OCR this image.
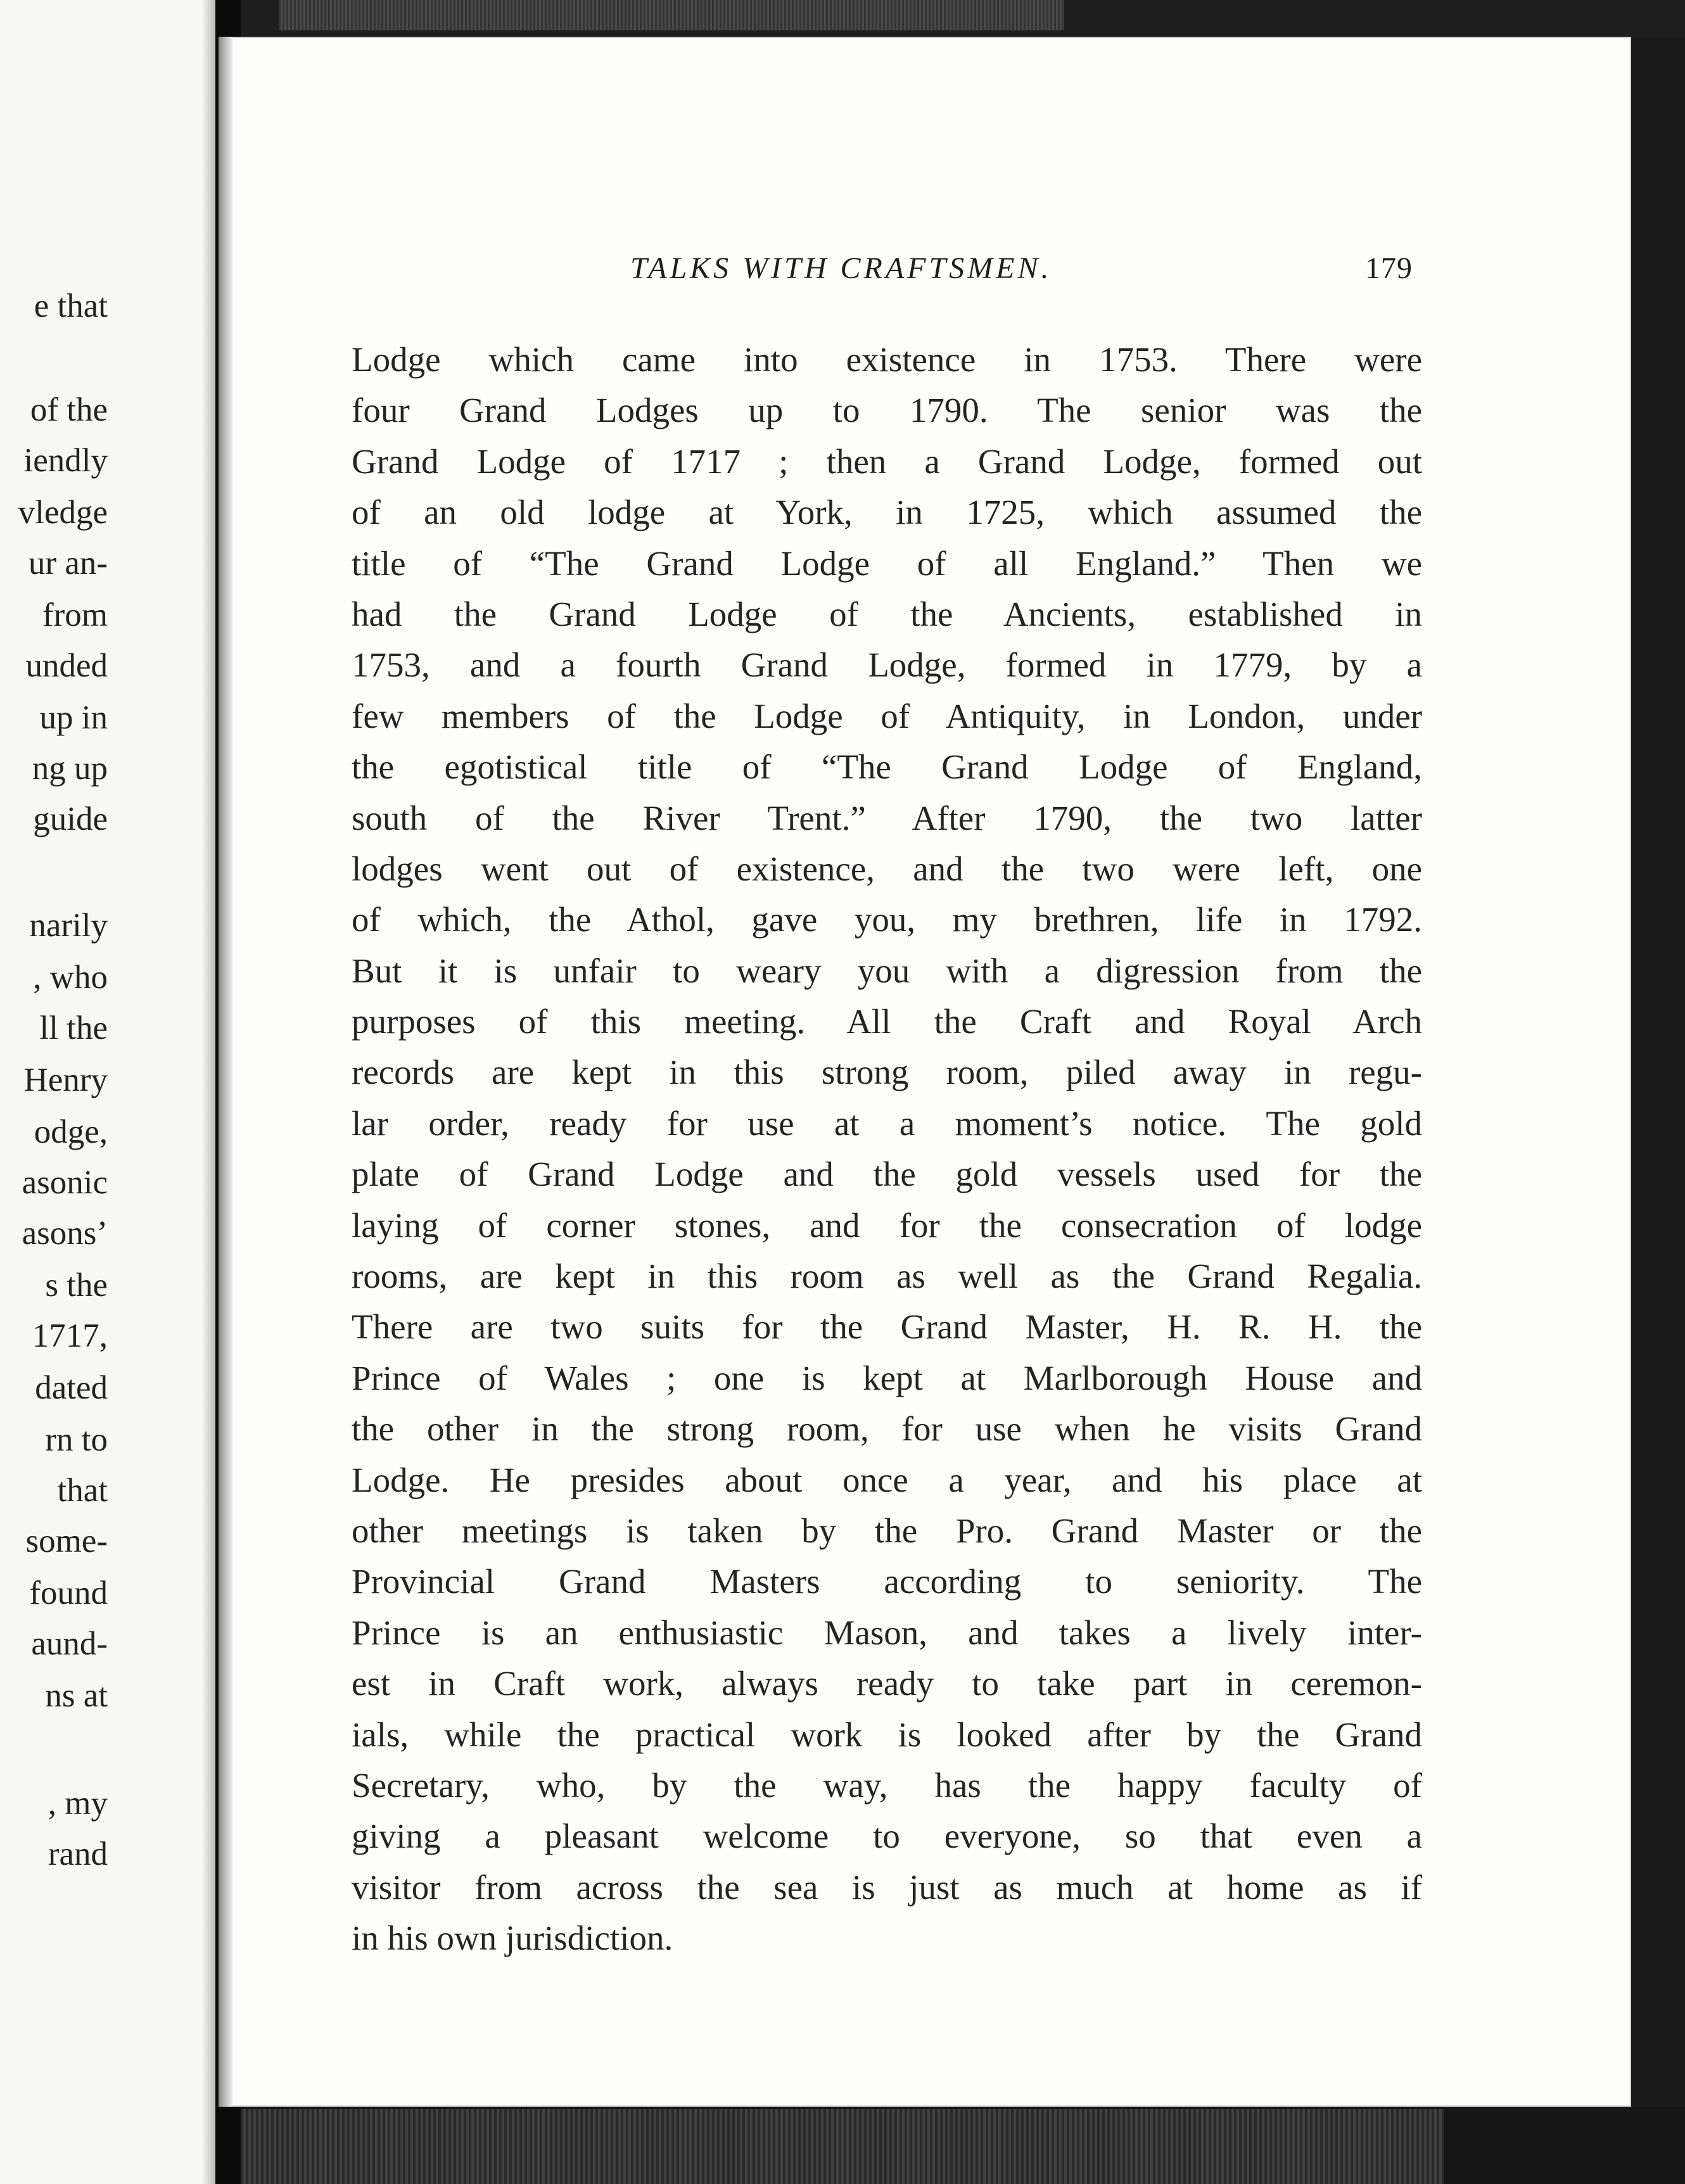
e that
of the
iendly
vledge
ur an-
from
unded
up in
ng up
guide
narily
, who
ll the
Henry
odge,
asonic
asons’
s the
1717,
dated
rn to
that
some-
found
aund-
ns at
, my
rand
TALKS WITH CRAFTSMEN.	179
Lodge which came into existence in 1753. There were
four Grand Lodges up to 1790. The senior was the
Grand Lodge of 1717 ; then a Grand Lodge, formed out
of an old lodge at York, in 1725, which assumed the
title of “The Grand Lodge of all England.” Then we
had the Grand Lodge of the Ancients, established in
1753, and a fourth Grand Lodge, formed in 1779, by a
few members of the Lodge of Antiquity, in London, under
the egotistical title of “The Grand Lodge of England,
south of the River Trent.” After 1790, the two latter
lodges went out of existence, and the two were left, one
of which, the Athol, gave you, my brethren, life in 1792.
But it is unfair to weary you with a digression from the
purposes of this meeting. All the Craft and Royal Arch
records are kept in this strong room, piled away in regu-
lar order, ready for use at a moment’s notice. The gold
plate of Grand Lodge and the gold vessels used for the
laying of corner stones, and for the consecration of lodge
rooms, are kept in this room as well as the Grand Regalia.
There are two suits for the Grand Master, H. R. H. the
Prince of Wales ; one is kept at Marlborough House and
the other in the strong room, for use when he visits Grand
Lodge. He presides about once a year, and his place at
other meetings is taken by the Pro. Grand Master or the
Provincial Grand Masters according to seniority. The
Prince is an enthusiastic Mason, and takes a lively inter-
est in Craft work, always ready to take part in ceremon-
ials, while the practical work is looked after by the Grand
Secretary, who, by the way, has the happy faculty of
giving a pleasant welcome to everyone, so that even a
visitor from across the sea is just as much at home as if
in his own jurisdiction.
